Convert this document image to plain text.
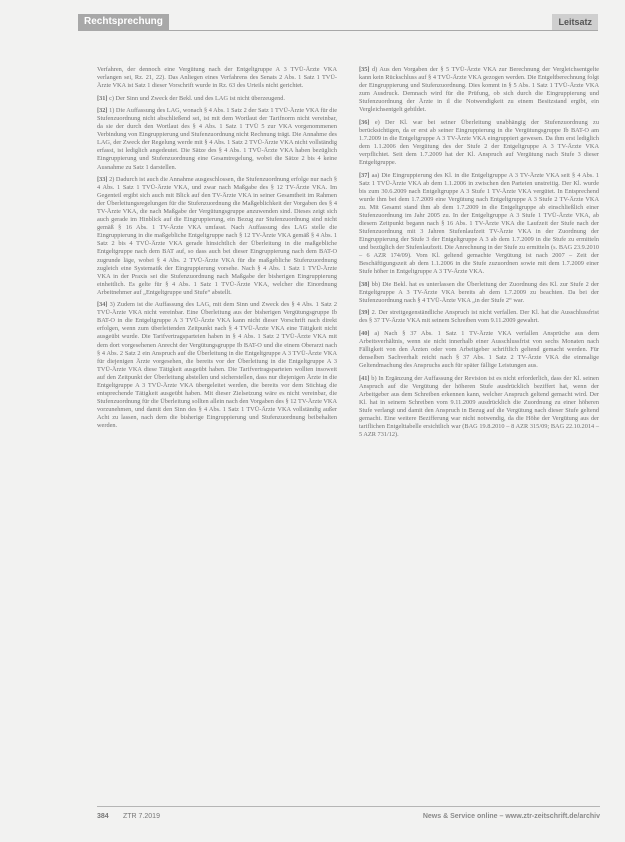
Rechtsprechung	Leitsatz

Verfahren, der dennoch eine Vergütung nach der Entgeltgruppe A 3 TVÜ-Ärzte VKA verlangen sei, Rz. 21, 22). Das Anliegen eines Verfahrens des Senats 2 Abs. 1 Satz 1 TVÜ-Ärzte VKA ist Satz 1 dieser Vorschrift wurde in Rz. 63 des Urteils nicht gerichtet.

[31] c) Der Sinn und Zweck der Bekl. und des LAG ist nicht überzeugend.

[32] 1) Die Auffassung des LAG, wonach § 4 Abs. 1 Satz 2 der Satz 1 TVÜ-Ärzte VKA für die Stufenzuordnung nicht abschließend sei, ist mit dem Wortlaut der Tarifnorm nicht vereinbar, da sie der durch den Wortlaut des § 4 Abs. 1 Satz 1 TVÜ 5 zur VKA vorgenommenen Verbindung von Eingruppierung und Stufenzuordnung nicht Rechnung trägt. Die Annahme des LAG, der Zweck der Regelung werde mit § 4 Abs. 1 Satz 2 TVÜ-Ärzte VKA nicht vollständig erfasst, ist lediglich angedeutet. Die Sätze des § 4 Abs. 1 TVÜ-Ärzte VKA haben bezüglich Eingruppierung und Stufenzuordnung eine Gesamtregelung, wobei die Sätze 2 bis 4 keine Ausnahme zu Satz 1 darstellen.

[33] 2) Dadurch ist auch die Annahme ausgeschlossen, die Stufenzuordnung erfolge nur nach § 4 Abs. 1 Satz 1 TVÜ-Ärzte VKA, und zwar nach Maßgabe des § 12 TV-Ärzte VKA. Im Gegenteil ergibt sich auch mit Blick auf den TV-Ärzte VKA in seiner Gesamtheit im Rahmen der Überleitungsregelungen für die Stufenzuordnung die Maßgeblichkeit der Vorgaben des § 4 TV-Ärzte VKA, die nach Maßgabe der Vergütungsgruppe anzuwenden sind. Dieses zeigt sich auch gerade im Hinblick auf die Eingruppierung, ein Bezug zur Stufenzuordnung sind nicht gemäß § 16 Abs. 1 TV-Ärzte VKA umfasst. Nach Auffassung des LAG stelle die Eingruppierung in die maßgebliche Entgeltgruppe nach § 12 TV-Ärzte VKA gemäß § 4 Abs. 1 Satz 2 bis 4 TVÜ-Ärzte VKA gerade hinsichtlich der Überleitung in die maßgebliche Entgeltgruppe nach dem BAT auf, so dass auch bei dieser Eingruppierung nach dem BAT-O zugrunde läge, wobei § 4 Abs. 2 TVÜ-Ärzte VKA für die maßgebliche Stufenzuordnung zugleich eine Systematik der Eingruppierung vorsehe. Nach § 4 Abs. 1 Satz 1 TVÜ-Ärzte VKA in der Praxis sei die Stufenzuordnung nach Maßgabe der bisherigen Eingruppierung einheitlich. Es gelte für § 4 Abs. 1 Satz 1 TVÜ-Ärzte VKA, welcher die Einordnung Arbeitnehmer auf „Entgeltgruppe und Stufe“ abstellt.

[34] 3) Zudem ist die Auffassung des LAG, mit dem Sinn und Zweck des § 4 Abs. 1 Satz 2 TVÜ-Ärzte VKA nicht vereinbar. Eine Überleitung aus der bisherigen Vergütungsgruppe Ib BAT-O in die Entgeltgruppe A 3 TVÜ-Ärzte VKA kann nicht dieser Vorschrift nach direkt erfolgen, wenn zum überleitenden Zeitpunkt nach § 4 TVÜ-Ärzte VKA eine Tätigkeit nicht ausgeübt wurde. Die Tarifvertragsparteien haben in § 4 Abs. 1 Satz 2 TVÜ-Ärzte VKA mit dem dort vorgesehenen Anrecht der Vergütungsgruppe Ib BAT-O und die einem Oberarzt nach § 4 Abs. 2 Satz 2 ein Anspruch auf die Überleitung in die Entgeltgruppe A 3 TVÜ-Ärzte VKA für diejenigen Ärzte vorgesehen, die bereits vor der Überleitung in die Entgeltgruppe A 3 TVÜ-Ärzte VKA diese Tätigkeit ausgeübt haben. Die Tarifvertragsparteien wollten insoweit auf den Zeitpunkt der Überleitung abstellen und sicherstellen, dass nur diejenigen Ärzte in die Entgeltgruppe A 3 TVÜ-Ärzte VKA übergeleitet werden, die bereits vor dem Stichtag die entsprechende Tätigkeit ausgeübt haben. Mit dieser Zielsetzung wäre es nicht vereinbar, die Stufenzuordnung für die Überleitung sollten allein nach den Vorgaben des § 12 TV-Ärzte VKA vorzunehmen, und damit den Sinn des § 4 Abs. 1 Satz 1 TVÜ-Ärzte VKA vollständig außer Acht zu lassen, nach dem die bisherige Eingruppierung und Stufenzuordnung beibehalten werden.

[35] d) Aus den Vorgaben der § 5 TVÜ-Ärzte VKA zur Berechnung der Vergleichsentgelte kann kein Rückschluss auf § 4 TVÜ-Ärzte VKA gezogen werden. Die Entgeltberechnung folgt der Eingruppierung und Stufenzuordnung. Dies kommt in § 5 Abs. 1 Satz 1 TVÜ-Ärzte VKA zum Ausdruck. Demnach wird für die Prüfung, ob sich durch die Eingruppierung und Stufenzuordnung der Ärzte in il die Notwendigkeit zu einem Besitzstand ergibt, ein Vergleichsentgelt gebildet.

[36] e) Der Kl. war bei seiner Überleitung unabhängig der Stufenzuordnung zu berücksichtigen, da er erst ab seiner Eingruppierung in die Vergütungsgruppe Ib BAT-O am 1.7.2009 in die Entgeltgruppe A 3 TV-Ärzte VKA eingruppiert gewesen. Da ihm erst lediglich dem 1.1.2006 den Vergütung des der Stufe 2 der Entgeltgruppe A 3 TV-Ärzte VKA verpflichtet. Seit dem 1.7.2009 hat der Kl. Anspruch auf Vergütung nach Stufe 3 dieser Entgeltgruppe.

[37] aa) Die Eingruppierung des Kl. in die Entgeltgruppe A 3 TV-Ärzte VKA seit § 4 Abs. 1 Satz 1 TVÜ-Ärzte VKA ab dem 1.1.2006 in zwischen den Parteien unstreitig. Der Kl. wurde bis zum 30.6.2009 nach Entgeltgruppe A 3 Stufe 1 TV-Ärzte VKA vergütet. In Entsprechend wurde ihm bei dem 1.7.2009 eine Vergütung nach Entgeltgruppe A 3 Stufe 2 TV-Ärzte VKA zu. Mit Gesamt stand ihm ab dem 1.7.2009 in die Entgeltgruppe ab einschließlich einer Stufenzuordnung im Jahr 2005 zu. In der Entgeltgruppe A 3 Stufe 1 TVÜ-Ärzte VKA, ab diesem Zeitpunkt begann nach § 16 Abs. 1 TV-Ärzte VKA die Laufzeit der Stufe nach der Stufenzuordnung mit 3 Jahren Stufenlaufzeit TV-Ärzte VKA in der Zuordnung der Eingruppierung der Stufe 3 der Entgeltgruppe A 3 ab dem 1.7.2009 in die Stufe zu ermitteln und bezüglich der Stufenlaufzeit. Die Anrechnung in der Stufe zu ermitteln (s. BAG 23.9.2010 – 6 AZR 174/09). Vom Kl. geltend gemachte Vergütung ist nach 2007 – Zeit der Beschäftigungszeit ab dem 1.1.2006 in die Stufe zuzuordnen sowie mit dem 1.7.2009 einer Stufe höher in Entgeltgruppe A 3 TV-Ärzte VKA.

[38] bb) Die Bekl. hat es unterlassen die Überleitung der Zuordnung des Kl. zur Stufe 2 der Entgeltgruppe A 3 TV-Ärzte VKA bereits ab dem 1.7.2009 zu beachten. Da bei der Stufenzuordnung nach § 4 TVÜ-Ärzte VKA „in der Stufe 2“ war.

[39] 2. Der streitgegenständliche Anspruch ist nicht verfallen. Der Kl. hat die Ausschlussfrist des § 37 TV-Ärzte VKA mit seinem Schreiben vom 9.11.2009 gewahrt.

[40] a) Nach § 37 Abs. 1 Satz 1 TV-Ärzte VKA verfallen Ansprüche aus dem Arbeitsverhältnis, wenn sie nicht innerhalb einer Ausschlussfrist von sechs Monaten nach Fälligkeit von den Ärzten oder vom Arbeitgeber schriftlich geltend gemacht werden. Für denselben Sachverhalt reicht nach § 37 Abs. 1 Satz 2 TV-Ärzte VKA die einmalige Geltendmachung des Anspruchs auch für später fällige Leistungen aus.

[41] b) In Ergänzung der Auffassung der Revision ist es nicht erforderlich, dass der Kl. seinen Anspruch auf die Vergütung der höheren Stufe ausdrücklich beziffert hat, wenn der Arbeitgeber aus dem Schreiben erkennen kann, welcher Anspruch geltend gemacht wird. Der Kl. hat in seinem Schreiben vom 9.11.2009 ausdrücklich die Zuordnung zu einer höheren Stufe verlangt und damit den Anspruch in Bezug auf die Vergütung nach dieser Stufe geltend gemacht. Eine weitere Bezifferung war nicht notwendig, da die Höhe der Vergütung aus der tariflichen Entgelttabelle ersichtlich war (BAG 19.8.2010 – 8 AZR 315/09; BAG 22.10.2014 – 5 AZR 731/12).

384 ZTR 7.2019	News & Service online – www.ztr-zeitschrift.de/archiv
